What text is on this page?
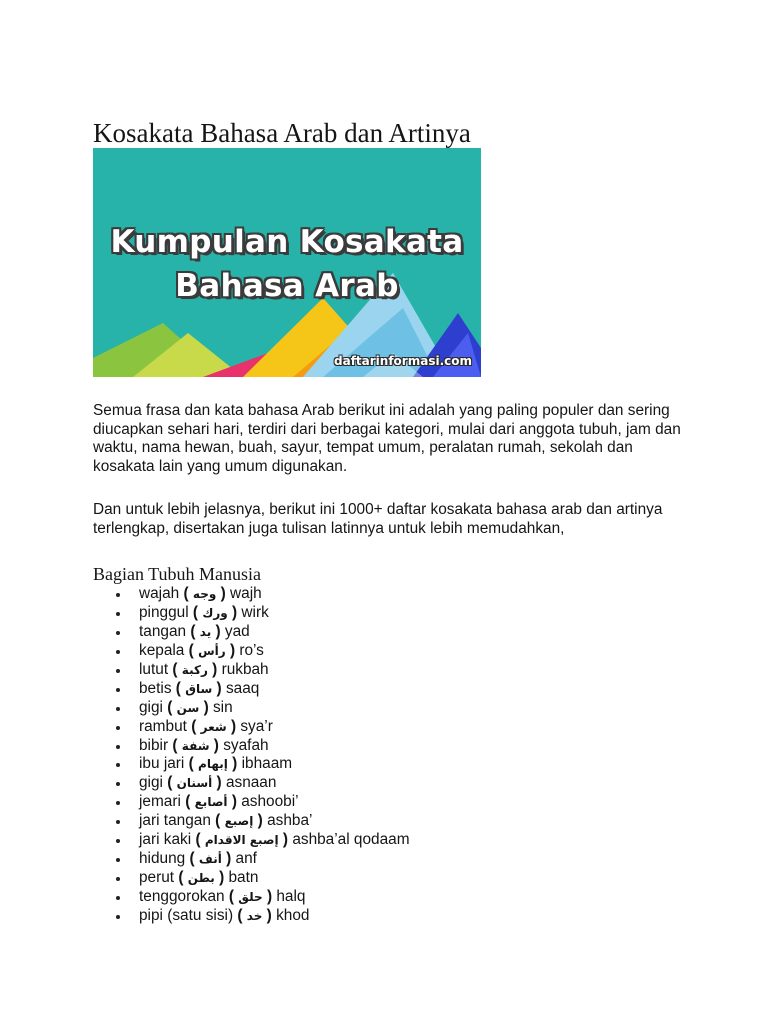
Kosakata Bahasa Arab dan Artinya
Kumpulan Kosakata
Bahasa Arab
daftarinformasi.com

Semua frasa dan kata bahasa Arab berikut ini adalah yang paling populer dan sering diucapkan sehari hari, terdiri dari berbagai kategori, mulai dari anggota tubuh, jam dan waktu, nama hewan, buah, sayur, tempat umum, peralatan rumah, sekolah dan kosakata lain yang umum digunakan.

Dan untuk lebih jelasnya, berikut ini 1000+ daftar kosakata bahasa arab dan artinya terlengkap, disertakan juga tulisan latinnya untuk lebih memudahkan,

Bagian Tubuh Manusia
wajah ( وجه ) wajh
pinggul ( ورك ) wirk
tangan ( يد ) yad
kepala ( رأس ) ro’s
lutut ( ركبة ) rukbah
betis ( ساق ) saaq
gigi ( سن ) sin
rambut ( شعر ) sya’r
bibir ( شفة ) syafah
ibu jari ( إبهام ) ibhaam
gigi ( أسنان ) asnaan
jemari ( أصابع ) ashoobi’
jari tangan ( إصبع ) ashba’
jari kaki ( إصبع الاقدام ) ashba’al qodaam
hidung ( أنف ) anf
perut ( بطن ) batn
tenggorokan ( حلق ) halq
pipi (satu sisi) ( خد ) khod
